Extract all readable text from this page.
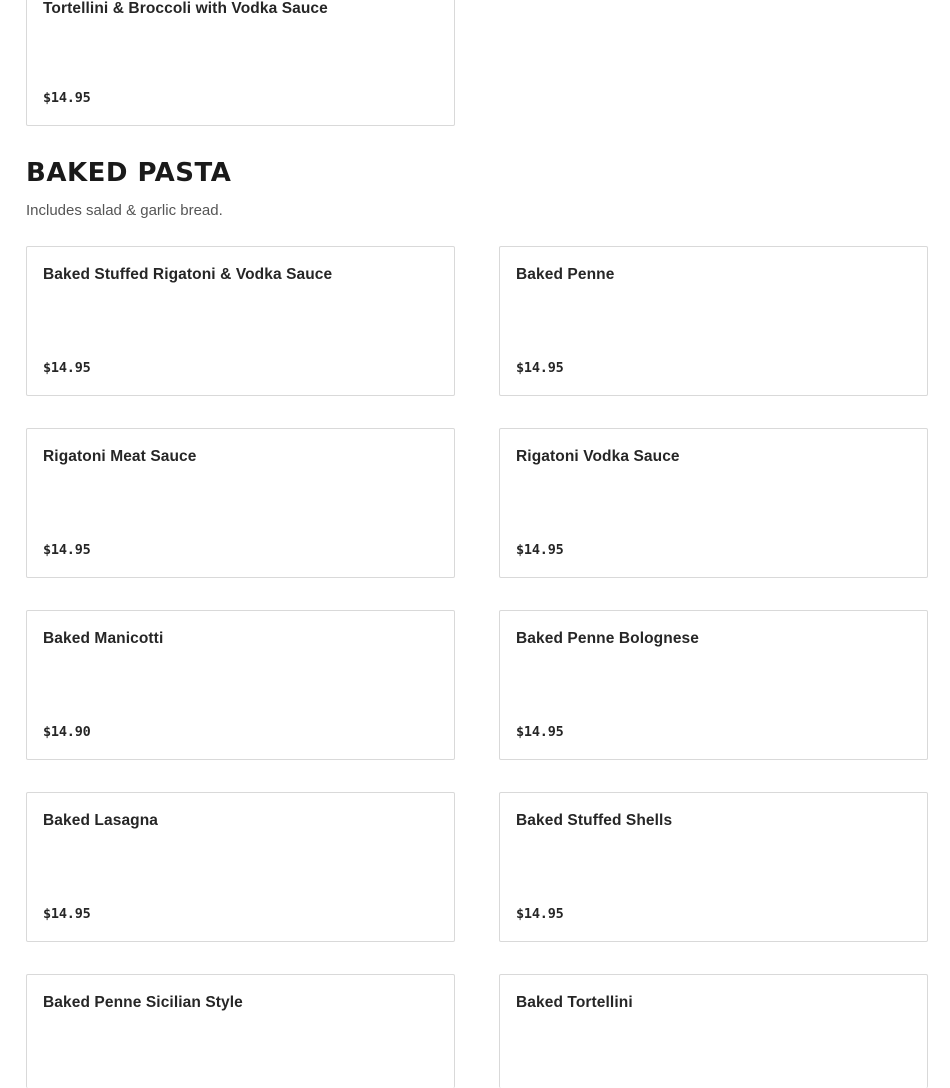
Tortellini & Broccoli with Vodka Sauce
$14.95
BAKED PASTA

Includes salad & garlic bread.

Baked Stuffed Rigatoni & Vodka Sauce
$14.95
Baked Penne
$14.95
Rigatoni Meat Sauce
$14.95
Rigatoni Vodka Sauce
$14.95
Baked Manicotti
$14.90
Baked Penne Bolognese
$14.95
Baked Lasagna
$14.95
Baked Stuffed Shells
$14.95
Baked Penne Sicilian Style	Baked Tortellini
